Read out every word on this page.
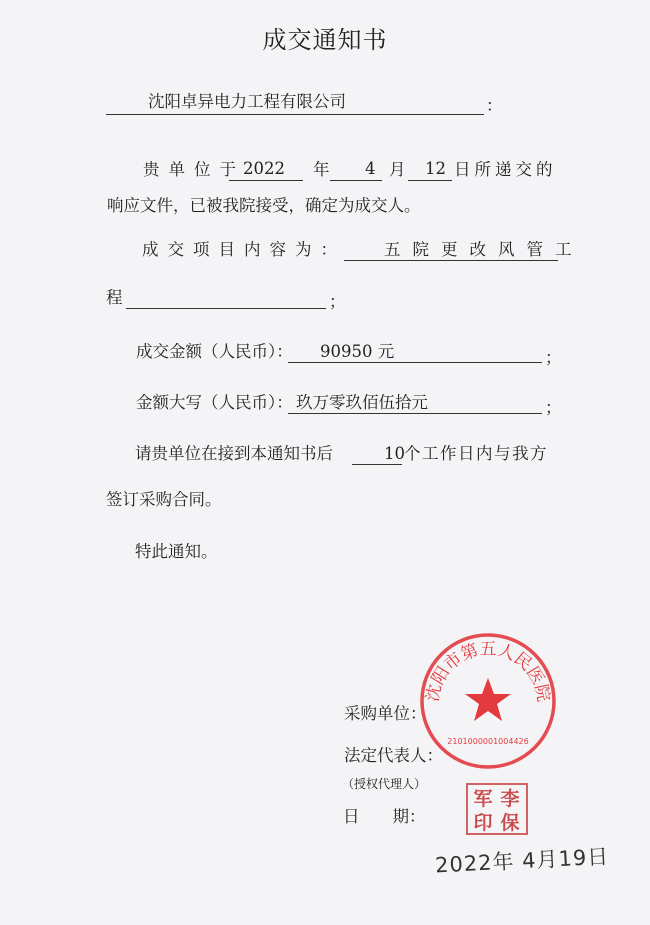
成交通知书
沈阳卓异电力工程有限公司	：
贵单位于
2022 年 4 月 12 日所递交的
响应文件，已被我院接受，确定为成交人。
成交项目内容为： 五院更改风管工
程	；
成交金额（人民币）： 90950 元	；
金额大写（人民币）： 玖万零玖佰伍拾元	；
请贵单位在接到本通知书后	10 个工作日内与我方
签订采购合同。
特此通知。
采购单位：
法定代表人：
（授权代理人）
日　　期：
2022年 4月19日
沈阳市第五人民医院
2101000001004426
军 李
印 保
